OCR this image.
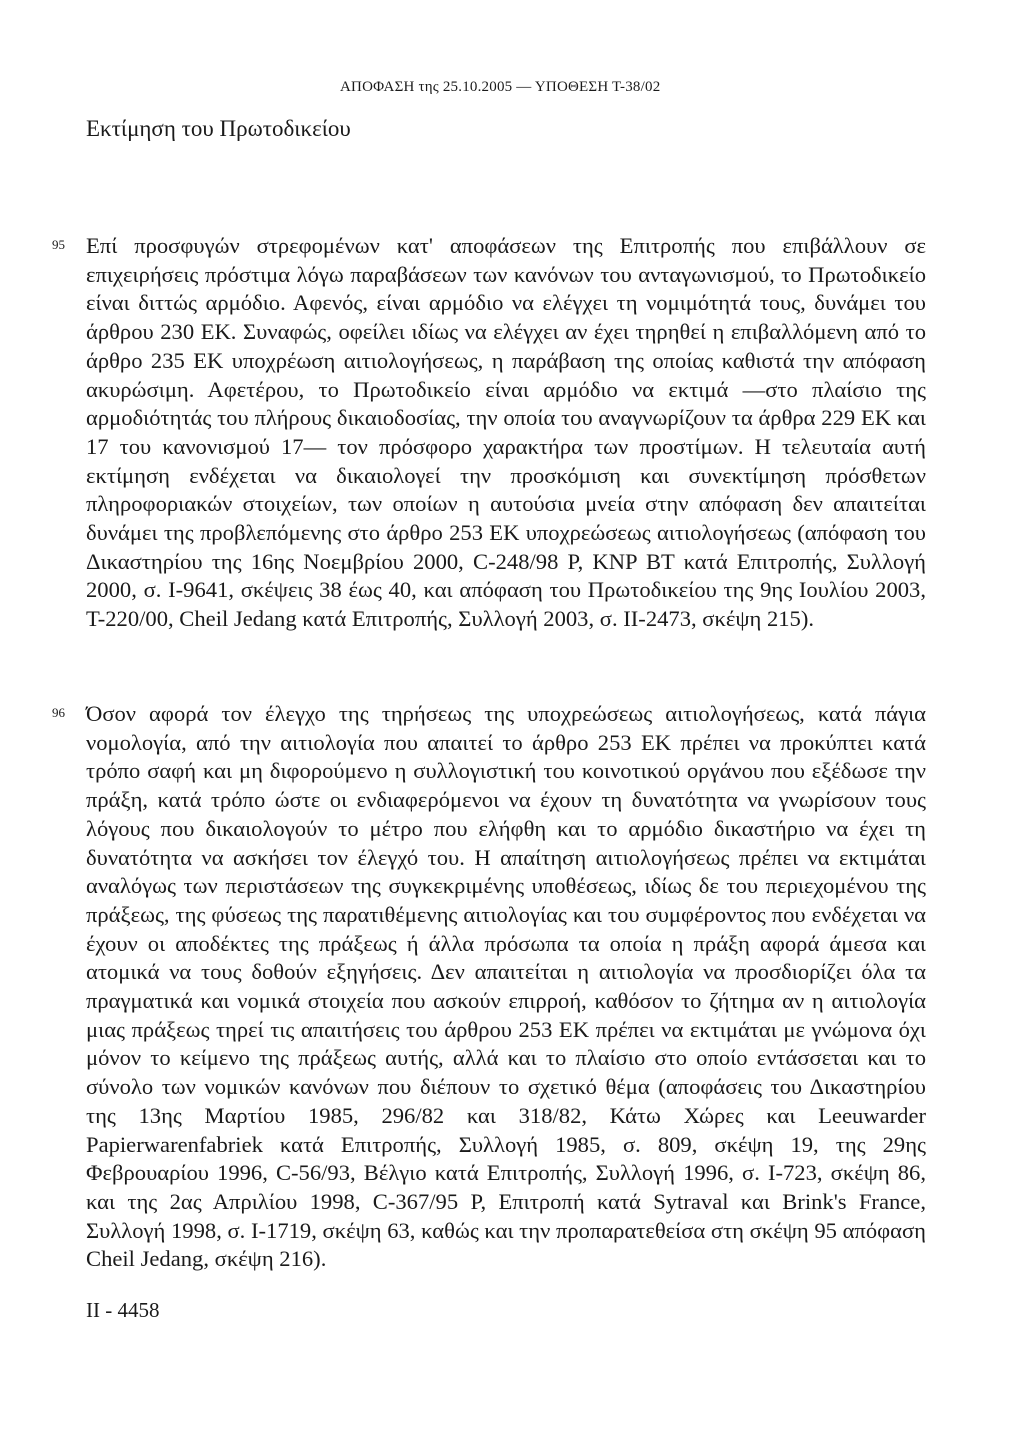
ΑΠΟΦΑΣΗ της 25.10.2005 — ΥΠΟΘΕΣΗ Τ-38/02
Εκτίμηση του Πρωτοδικείου
95 Επί προσφυγών στρεφομένων κατ' αποφάσεων της Επιτροπής που επιβάλλουν σε επιχειρήσεις πρόστιμα λόγω παραβάσεων των κανόνων του ανταγωνισμού, το Πρωτοδικείο είναι διττώς αρμόδιο. Αφενός, είναι αρμόδιο να ελέγχει τη νομιμότητά τους, δυνάμει του άρθρου 230 ΕΚ. Συναφώς, οφείλει ιδίως να ελέγχει αν έχει τηρηθεί η επιβαλλόμενη από το άρθρο 235 ΕΚ υποχρέωση αιτιολογήσεως, η παράβαση της οποίας καθιστά την απόφαση ακυρώσιμη. Αφετέρου, το Πρωτοδικείο είναι αρμόδιο να εκτιμά —στο πλαίσιο της αρμοδιότητάς του πλήρους δικαιοδοσίας, την οποία του αναγνωρίζουν τα άρθρα 229 ΕΚ και 17 του κανονισμού 17— τον πρόσφορο χαρακτήρα των προστίμων. Η τελευταία αυτή εκτίμηση ενδέχεται να δικαιολογεί την προσκόμιση και συνεκτίμηση πρόσθετων πληροφοριακών στοιχείων, των οποίων η αυτούσια μνεία στην απόφαση δεν απαιτείται δυνάμει της προβλεπόμενης στο άρθρο 253 ΕΚ υποχρεώσεως αιτιολογήσεως (απόφαση του Δικαστηρίου της 16ης Νοεμβρίου 2000, C-248/98 P, KNP BT κατά Επιτροπής, Συλλογή 2000, σ. I-9641, σκέψεις 38 έως 40, και απόφαση του Πρωτοδικείου της 9ης Ιουλίου 2003, T-220/00, Cheil Jedang κατά Επιτροπής, Συλλογή 2003, σ. II-2473, σκέψη 215).

96 Όσον αφορά τον έλεγχο της τηρήσεως της υποχρεώσεως αιτιολογήσεως, κατά πάγια νομολογία, από την αιτιολογία που απαιτεί το άρθρο 253 ΕΚ πρέπει να προκύπτει κατά τρόπο σαφή και μη διφορούμενο η συλλογιστική του κοινοτικού οργάνου που εξέδωσε την πράξη, κατά τρόπο ώστε οι ενδιαφερόμενοι να έχουν τη δυνατότητα να γνωρίσουν τους λόγους που δικαιολογούν το μέτρο που ελήφθη και το αρμόδιο δικαστήριο να έχει τη δυνατότητα να ασκήσει τον έλεγχό του. Η απαίτηση αιτιολογήσεως πρέπει να εκτιμάται αναλόγως των περιστάσεων της συγκεκριμένης υποθέσεως, ιδίως δε του περιεχομένου της πράξεως, της φύσεως της παρατιθέμενης αιτιολογίας και του συμφέροντος που ενδέχεται να έχουν οι αποδέκτες της πράξεως ή άλλα πρόσωπα τα οποία η πράξη αφορά άμεσα και ατομικά να τους δοθούν εξηγήσεις. Δεν απαιτείται η αιτιολογία να προσδιορίζει όλα τα πραγματικά και νομικά στοιχεία που ασκούν επιρροή, καθόσον το ζήτημα αν η αιτιολογία μιας πράξεως τηρεί τις απαιτήσεις του άρθρου 253 ΕΚ πρέπει να εκτιμάται με γνώμονα όχι μόνον το κείμενο της πράξεως αυτής, αλλά και το πλαίσιο στο οποίο εντάσσεται και το σύνολο των νομικών κανόνων που διέπουν το σχετικό θέμα (αποφάσεις του Δικαστηρίου της 13ης Μαρτίου 1985, 296/82 και 318/82, Κάτω Χώρες και Leeuwarder Papierwarenfabriek κατά Επιτροπής, Συλλογή 1985, σ. 809, σκέψη 19, της 29ης Φεβρουαρίου 1996, C-56/93, Βέλγιο κατά Επιτροπής, Συλλογή 1996, σ. I-723, σκέψη 86, και της 2ας Απριλίου 1998, C-367/95 P, Επιτροπή κατά Sytraval και Brink's France, Συλλογή 1998, σ. I-1719, σκέψη 63, καθώς και την προπαρατεθείσα στη σκέψη 95 απόφαση Cheil Jedang, σκέψη 216).

II - 4458
